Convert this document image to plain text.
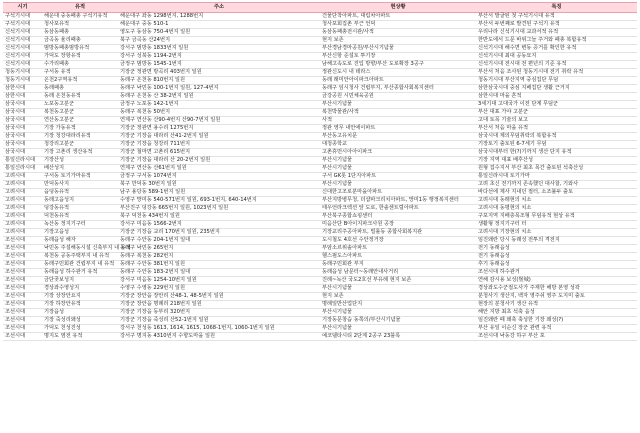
시기	유적	주소	현상황	특징
구석기시대	해운대 중동패총 구석기유적	해운대구 좌동 1298번지, 1288번지	건물단착아파트, 대림차아파트	부산서 발굴된 첫 구석기시대 유적
구석기시대	청사포유적	해운대구 중동 510-1	청사포회집촌 부근 언덕	부산서 두번째로 발견된 구석기 유적
신석기시대	동삼동패총	영도구 동삼동 750-4번지 일원	동삼동패총전시관/사적	우리나라 신석기시대 교과서적 유적
신석기시대	금곡동 율리패총	북구 금곡동 산24번지	현지 보존	한반도에서 드문 바위그늘 주거와 패총 복합유적
신석기시대	범방동패총범방유적	강서구 범방동 1833번지 일원	부산경남경마공원/부산시기념물	신석기시대 해수면 변동 증거를 확인한 유적
신석기시대	가덕도 장항유적	강서구 성북동 1194-2번지	부산신항 준설토 투기장	신석기시대 최대 공동묘지
신석기시대	수가리패총	금정구 범방동 1545-1번지	남해고속도로 진입 방향/부산 도로확장 3공구	신석기시대 전시대 전 편년의 기준 유적
청동기시대	구서동 유적	기장군 정관면 방곡리 403번지 일원	정관신도시 내 테라스	부산서 처음 조사된 청동기시대 전기 취락 유적
청동기시대	온천2구역유적	동래구 온천동 810번지 일원	동래 래미안아이파크아파트	청동기시대 부산지역 중심집단 무덤
삼한시대	동래패총	동래구 낙민동 100-1번지 일원, 127-4번지	동래구 임시청사 건립부지, 부산종합사회복지센터	삼한삼국시대 중심 지배집단 생활 근거지
삼한시대	동래 온천동유적	동래구 온천동 산 38-2번지 일원	금강공원 시민체육공원	삼한시대 마을 흔적
삼국시대	노포동고분군	금정구 노포동 142-1번지	부산시기념물	3세기대 고대국가 이전 단계 무덤군
삼국시대	복천동고분군	동래구 복천동 50번지	복천박물관/사적	부산 대표 가야 고분군
삼국시대	연산동고분군	연제구 연산동 산90-4번지 산90-7번지 일원	사적	고대 토목 기술의 보고
삼국시대	기장 가동유적	기장군 정관면 용수리 1275번지	정관 영무 내안에이파트	부산서 처음 마을 유적
삼국시대	기장 청강대라리유적	기장군 기장읍 대라리 산41-2번지 일원	부산동고유치문	삼국시대 제의무덤취락의 복합유적
삼국시대	청강리고분군	기장군 기장읍 청강리 711번지	대청종학교	기장토기 출토된 6-7세기 무덤
삼국시대	기장 고촌리 생산유적	기장군 철마면 고촌리 615번지	고촌휴먼시아아이파크	삼국시대부터 한(?)기까지 생산 단지 유적
통일신라시대	기장산성	기장군 기장읍 대라리 산 20-2번지 일원	부산시기념물	기장 지역 대표 배후산성
통일신라시대	배산성지	연제구 연산동 산61번지 일원	부산시기념물	원형 집수지서 부산 최초 목간 출토된 석축산성
고려시대	구서동 토기가마유적	금정구 구서동 1074번지	구서 GK롯 1단지아파트	통일신라시대 토기가마
고려시대	만덕동사지	북구 만덕동 30번지 일원	부산시기념물	고려 초신 전기까지 존속했던 대사찰, 기와사
고려시대	읍덩동유적	남구 용당동 589-1번지 일원	신대한고조로분마을아파트	바다선에 제사 지내던 절터, 소조불두 출토
고려시대	동래고읍성지	수영구 망미동 540-571번지 일원, 693-1번지, 640-14번지	부산지방병무청, 더샵파크리치아파트, 망미1동 행정복지센터	고려시대 동래현의 치소
고려시대	덩강동유적	부산진구 덩강동 665번지 일원, 1023번지 일원	태우언라크렉션 앞 도로, 한솔센트럴아파트	고려시대 동평현의 치소
고려시대	덕천동유적	북구 덕천동 434번지 일원	부산북구종합쇼핑센터	구포지역 지배층목조형 무덤유적 현상 유적
고려시대	녹산동 정지기구터	강서구 미음동 1566-2번지	미음산단 B아이지파크사원 공장	생활형 정지기구터 터
고려시대	기장고읍성	기장군 기장읍 교리 170번지 일원, 235번지	기장교리주공아파트, 빌롤동 종합사회복지관	고려시대 기장현의 치소
조선시대	동래읍성 해자	동래구 수안동 204-1번지 일대	도시철도 4호선 수안정거장	임진왜란 당시 동래성 전투의 격전지
조선시대	낙민동 주설해동시설 신축부지 내 유적	동래구 낙민동 265번지	부암소르위솔아파트	전기 동래읍성
조선시대	복천동 공동주택부지 내 유적	동래구 복천동 282번지	헬스펌도스아파트	전기 동래읍성
조선시대	동래구민회관 건립부지 내 유적	동래구 수안동 381번지 일원	동래구민회관 부지	후기 동래읍성
조선시대	동래읍성 하수관거 유적	동래구 수안동 183-2번지 일대	동래읍성 남문터~동래안내사거리	조선시대 하수관거
조선시대	금단곶보성지	강서구 미음동 1254-10번지 일원	진례~녹산 국도2호선 부유례 현지 보존	연해 감시용 보성(堡城)
조선시대	경상좌수영성지	수영구 수영동 229번지 일원	부산시기념물	경상좌도수군절도사가 주재한 해방 본영 성곽
조선시대	기장 상장안요지	기장군 장안읍 장안리 산48-1, 48-5번지 일원	현지 보존	분청사기 생산지, 백자 영주쉬 영주 도지미 출토
조선시대	기장 하장안유적	기장군 장안읍 명례리 218번지 일원	명례일반산업단지	현장의 분청사기 생산 유적
조선시대	기장읍성	기장군 기장읍 동부리 320번지	부산시기념물	해안 지방 최초 석축 읍성
조선시대	기장 죽성리왜성	기장군 기장읍 죽성리 산52-1번지 일원	기장동문창습 동쪽의/부산시기념물	임진왜란 때 왜축 축성한 기장 왜성(?)
조선시대	가덕도 천성진성	강서구 천성동 1613, 1614, 1615, 1068-1번지, 1060-1번지 일원	부산시기념물	부산 유일 이순신 장군 관련 유적
조선시대	명지도 염전 유적	강서구 명지동 4310번지 수향도마을 일원	예코델타시티 2단계 2공구 23블록	조선시대 낙동강 하구 부산 포
